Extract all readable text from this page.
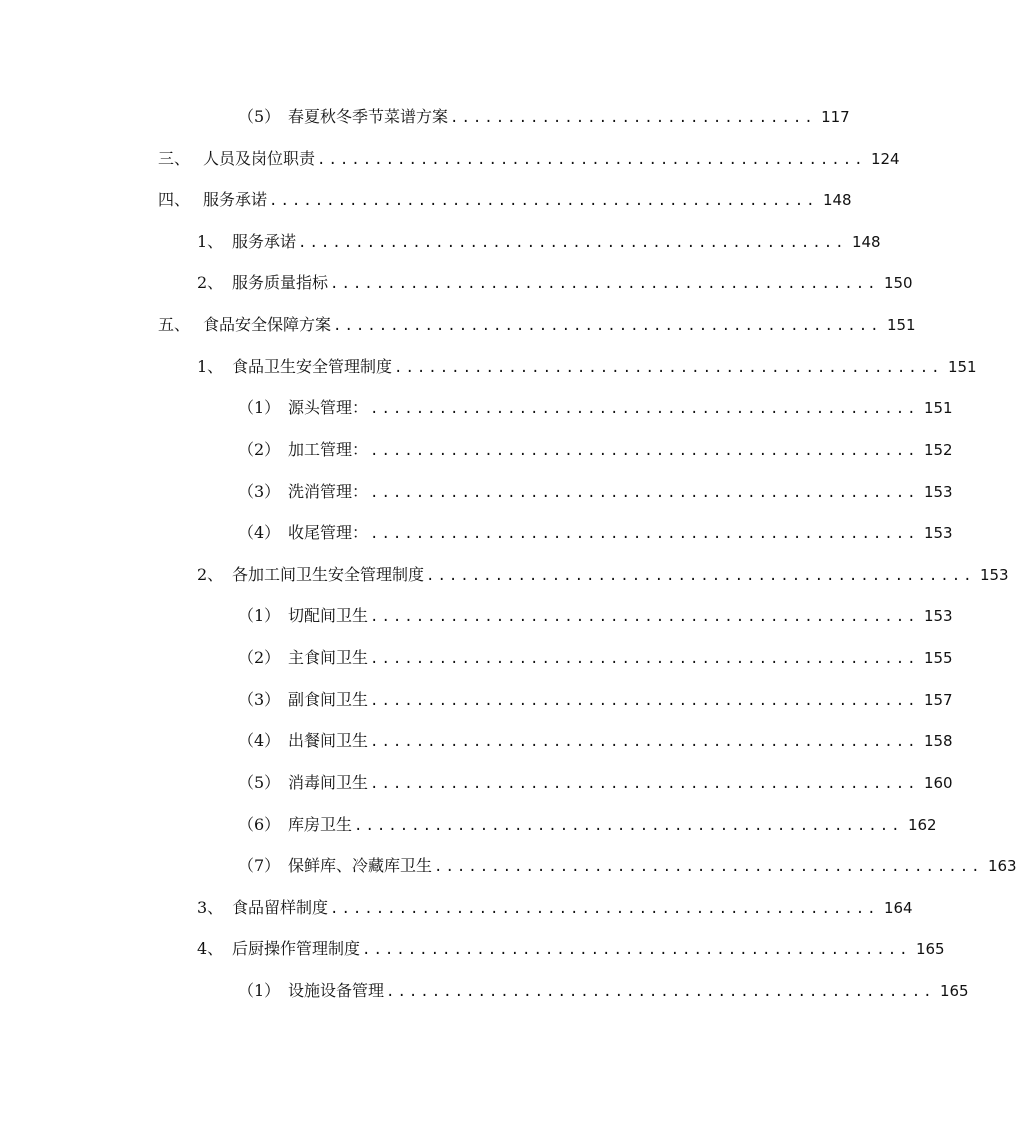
（5） 春夏秋冬季节菜谱方案 ................................ 117
三、 人员及岗位职责 ................................................ 124
四、 服务承诺 ................................................ 148
1、 服务承诺 ................................................ 148
2、 服务质量指标 ................................................ 150
五、 食品安全保障方案 ................................................ 151
1、 食品卫生安全管理制度 ................................................ 151
（1） 源头管理： ................................................ 151
（2） 加工管理： ................................................ 152
（3） 洗消管理： ................................................ 153
（4） 收尾管理： ................................................ 153
2、 各加工间卫生安全管理制度 ................................................ 153
（1） 切配间卫生 ................................................ 153
（2） 主食间卫生 ................................................ 155
（3） 副食间卫生 ................................................ 157
（4） 出餐间卫生 ................................................ 158
（5） 消毒间卫生 ................................................ 160
（6） 库房卫生 ................................................ 162
（7） 保鲜库、冷藏库卫生 ................................................ 163
3、 食品留样制度 ................................................ 164
4、 后厨操作管理制度 ................................................ 165
（1） 设施设备管理 ................................................ 165
